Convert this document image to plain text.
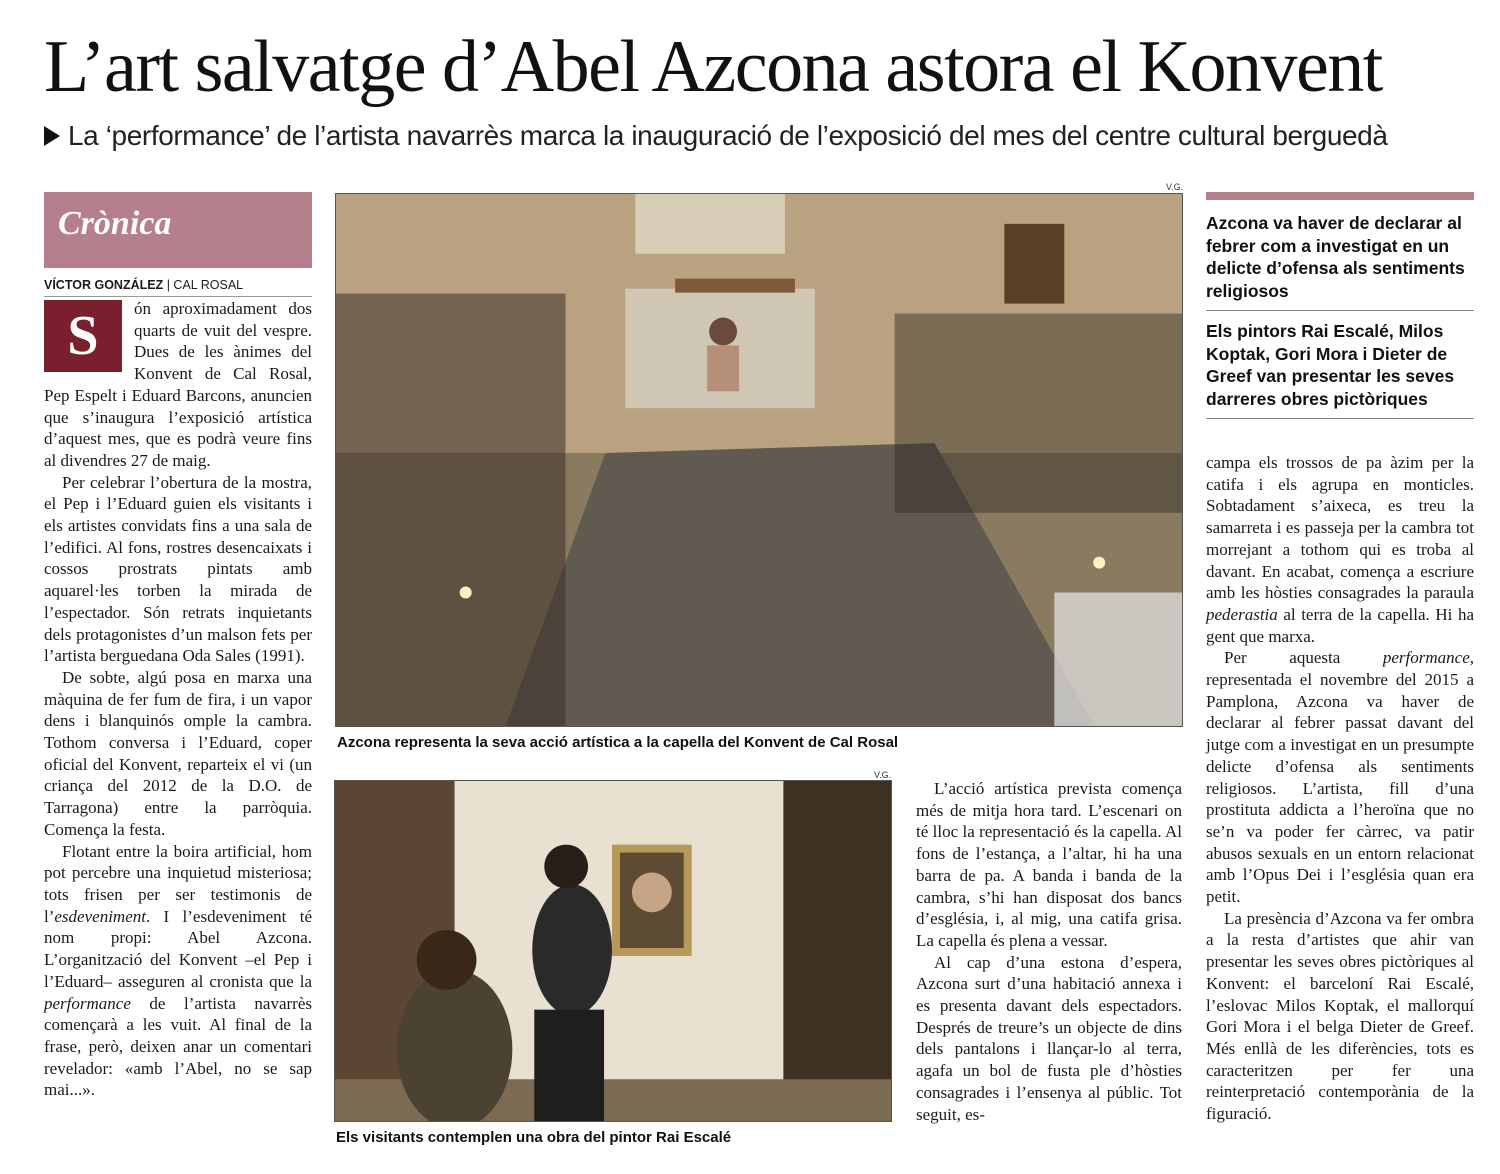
L’art salvatge d’Abel Azcona astora el Konvent
La ‘performance’ de l’artista navarrès marca la inauguració de l’exposició del mes del centre cultural berguedà
Crònica
VÍCTOR GONZÁLEZ | CAL ROSAL

S	ón aproximadament dos quarts de vuit del vespre. Dues de les ànimes del Konvent de Cal Rosal, Pep Espelt i Eduard Barcons, anuncien que s’inaugura l’exposició artística d’aquest mes, que es podrà veure fins al divendres 27 de maig.

Per celebrar l’obertura de la mostra, el Pep i l’Eduard guien els visitants i els artistes convidats fins a una sala de l’edifici. Al fons, rostres desencaixats i cossos prostrats pintats amb aquarel·les torben la mirada de l’espectador. Són retrats inquietants dels protagonistes d’un malson fets per l’artista berguedana Oda Sales (1991).

De sobte, algú posa en marxa una màquina de fer fum de fira, i un vapor dens i blanquinós omple la cambra. Tothom conversa i l’Eduard, coper oficial del Konvent, reparteix el vi (un criança del 2012 de la D.O. de Tarragona) entre la parròquia. Comença la festa.

Flotant entre la boira artificial, hom pot percebre una inquietud misteriosa; tots frisen per ser testimonis de l’esdeveniment. I l’esdeveniment té nom propi: Abel Azcona. L’organització del Konvent –el Pep i l’Eduard– asseguren al cronista que la performance de l’artista navarrès començarà a les vuit. Al final de la frase, però, deixen anar un comentari revelador: «amb l’Abel, no se sap mai...».

V.G.
Azcona representa la seva acció artística a la capella del Konvent de Cal Rosal
V.G.
Els visitants contemplen una obra del pintor Rai Escalé

L’acció artística prevista comença més de mitja hora tard. L’escenari on té lloc la representació és la capella. Al fons de l’estança, a l’altar, hi ha una barra de pa. A banda i banda de la cambra, s’hi han disposat dos bancs d’església, i, al mig, una catifa grisa. La capella és plena a vessar.

Al cap d’una estona d’espera, Azcona surt d’una habitació annexa i es presenta davant dels espectadors. Després de treure’s un objecte de dins dels pantalons i llançar-lo al terra, agafa un bol de fusta ple d’hòsties consagrades i l’ensenya al públic. Tot seguit, es-

Azcona va haver de declarar al febrer com a investigat en un delicte d’ofensa als sentiments religiosos
Els pintors Rai Escalé, Milos Koptak, Gori Mora i Dieter de Greef van presentar les seves darreres obres pictòriques

campa els trossos de pa àzim per la catifa i els agrupa en monticles. Sobtadament s’aixeca, es treu la samarreta i es passeja per la cambra tot morrejant a tothom qui es troba al davant. En acabat, comença a escriure amb les hòsties consagrades la paraula pederastia al terra de la capella. Hi ha gent que marxa.

Per aquesta performance, representada el novembre del 2015 a Pamplona, Azcona va haver de declarar al febrer passat davant del jutge com a investigat en un presumpte delicte d’ofensa als sentiments religiosos. L’artista, fill d’una prostituta addicta a l’heroïna que no se’n va poder fer càrrec, va patir abusos sexuals en un entorn relacionat amb l’Opus Dei i l’església quan era petit.

La presència d’Azcona va fer ombra a la resta d’artistes que ahir van presentar les seves obres pictòriques al Konvent: el barceloní Rai Escalé, l’eslovac Milos Koptak, el mallorquí Gori Mora i el belga Dieter de Greef. Més enllà de les diferències, tots es caracteritzen per fer una reinterpretació contemporània de la figuració.
